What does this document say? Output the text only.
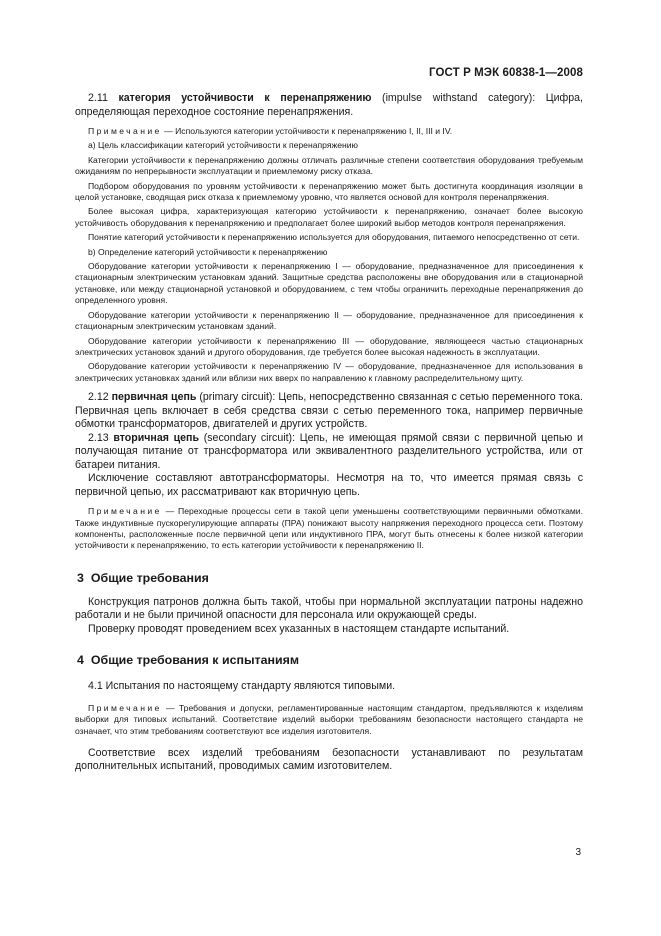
ГОСТ Р МЭК 60838-1—2008

2.11 категория устойчивости к перенапряжению (impulse withstand category): Цифра, определяющая переходное состояние перенапряжения.

Примечание — Используются категории устойчивости к перенапряжению I, II, III и IV.

а) Цель классификации категорий устойчивости к перенапряжению

Категории устойчивости к перенапряжению должны отличать различные степени соответствия оборудования требуемым ожиданиям по непрерывности эксплуатации и приемлемому риску отказа.

Подбором оборудования по уровням устойчивости к перенапряжению может быть достигнута координация изоляции в целой установке, сводящая риск отказа к приемлемому уровню, что является основой для контроля перенапряжения.

Более высокая цифра, характеризующая категорию устойчивости к перенапряжению, означает более высокую устойчивость оборудования к перенапряжению и предполагает более широкий выбор методов контроля перенапряжения.

Понятие категорий устойчивости к перенапряжению используется для оборудования, питаемого непосредственно от сети.

b) Определение категорий устойчивости к перенапряжению

Оборудование категории устойчивости к перенапряжению I — оборудование, предназначенное для присоединения к стационарным электрическим установкам зданий. Защитные средства расположены вне оборудования или в стационарной установке, или между стационарной установкой и оборудованием, с тем чтобы ограничить переходные перенапряжения до определенного уровня.

Оборудование категории устойчивости к перенапряжению II — оборудование, предназначенное для присоединения к стационарным электрическим установкам зданий.

Оборудование категории устойчивости к перенапряжению III — оборудование, являющееся частью стационарных электрических установок зданий и другого оборудования, где требуется более высокая надежность в эксплуатации.

Оборудование категории устойчивости к перенапряжению IV — оборудование, предназначенное для использования в электрических установках зданий или вблизи них вверх по направлению к главному распределительному щиту.

2.12 первичная цепь (primary circuit): Цепь, непосредственно связанная с сетью переменного тока. Первичная цепь включает в себя средства связи с сетью переменного тока, например первичные обмотки трансформаторов, двигателей и других устройств.

2.13 вторичная цепь (secondary circuit): Цепь, не имеющая прямой связи с первичной цепью и получающая питание от трансформатора или эквивалентного разделительного устройства, или от батареи питания.

Исключение составляют автотрансформаторы. Несмотря на то, что имеется прямая связь с первичной цепью, их рассматривают как вторичную цепь.

Примечание — Переходные процессы сети в такой цепи уменьшены соответствующими первичными обмотками. Также индуктивные пускорегулирующие аппараты (ПРА) понижают высоту напряжения переходного процесса сети. Поэтому компоненты, расположенные после первичной цепи или индуктивного ПРА, могут быть отнесены к более низкой категории устойчивости к перенапряжению, то есть категории устойчивости к перенапряжению II.

3 Общие требования

Конструкция патронов должна быть такой, чтобы при нормальной эксплуатации патроны надежно работали и не были причиной опасности для персонала или окружающей среды.

Проверку проводят проведением всех указанных в настоящем стандарте испытаний.

4 Общие требования к испытаниям

4.1 Испытания по настоящему стандарту являются типовыми.

Примечание — Требования и допуски, регламентированные настоящим стандартом, предъявляются к изделиям выборки для типовых испытаний. Соответствие изделий выборки требованиям безопасности настоящего стандарта не означает, что этим требованиям соответствуют все изделия изготовителя.

Соответствие всех изделий требованиям безопасности устанавливают по результатам дополнительных испытаний, проводимых самим изготовителем.

3
